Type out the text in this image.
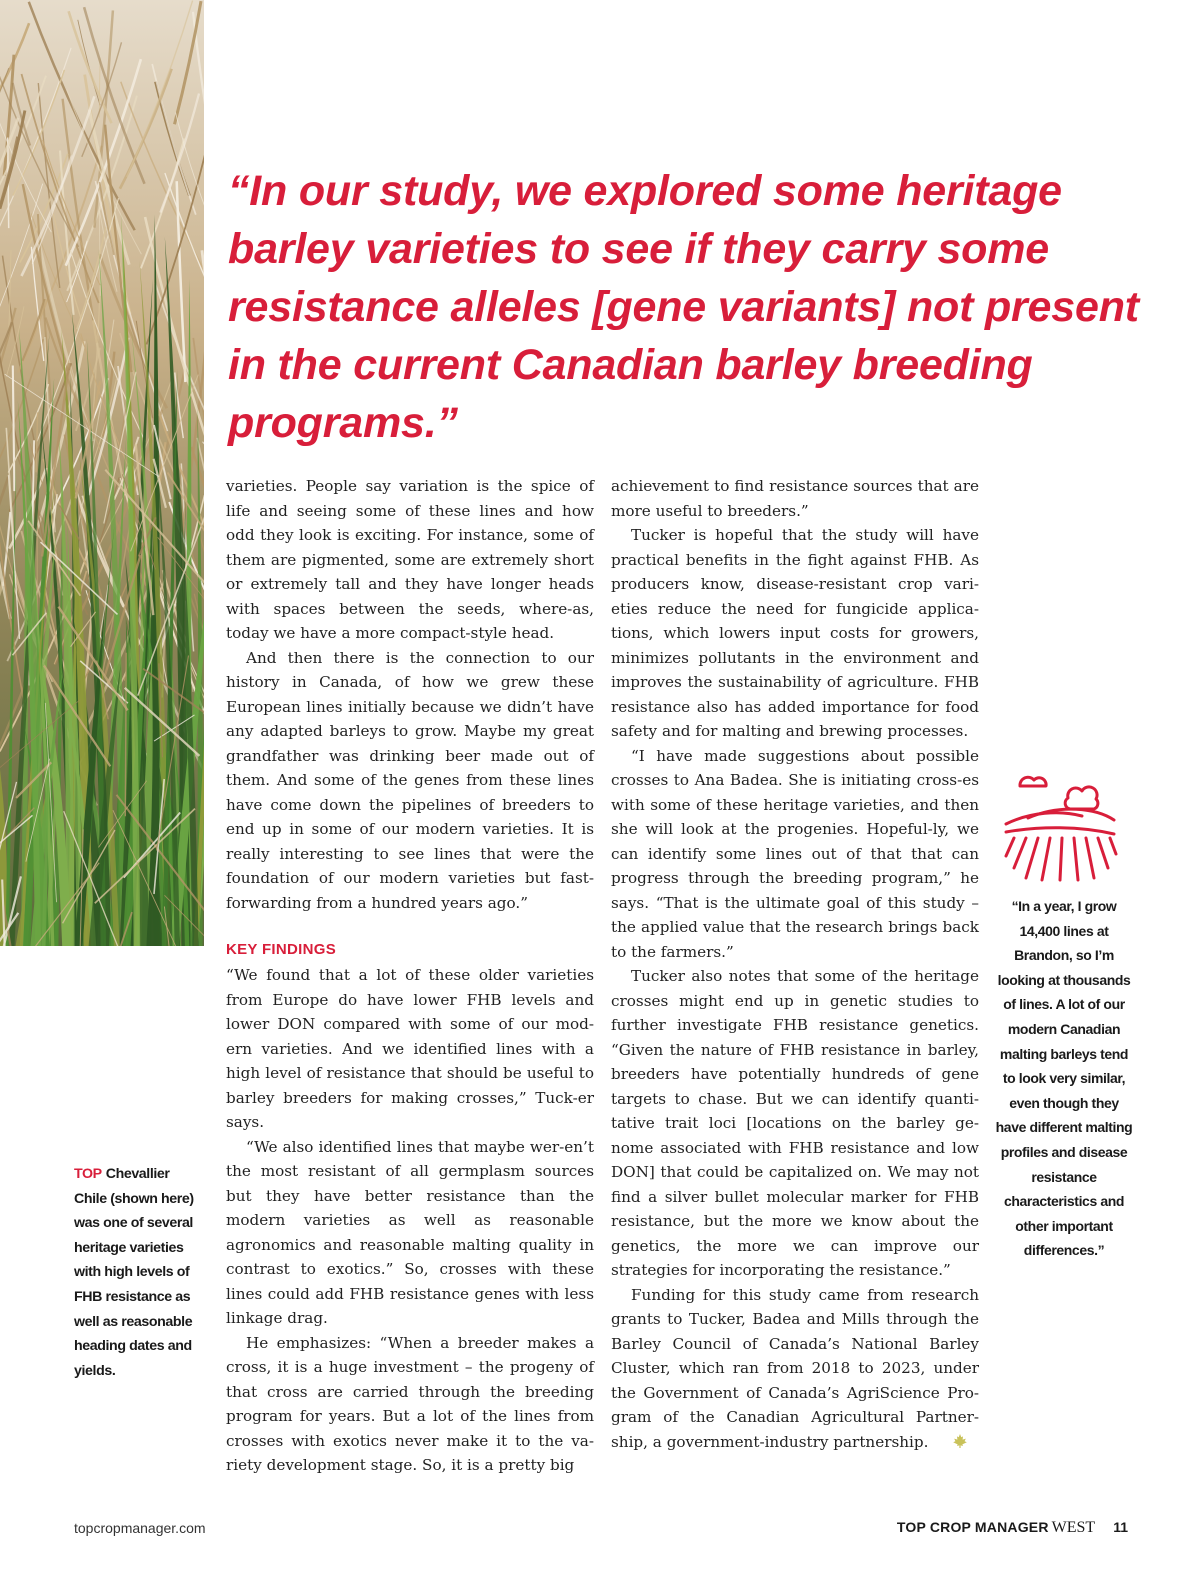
“In our study, we explored some heritage barley varieties to see if they carry some resistance alleles [gene variants] not present in the current Canadian barley breeding programs.”

varieties. People say variation is the spice of life and seeing some of these lines and how odd they look is exciting. For instance, some of them are pigmented, some are extremely short or extremely tall and they have longer heads with spaces between the seeds, where-as, today we have a more compact-style head.

And then there is the connection to our history in Canada, of how we grew these European lines initially because we didn’t have any adapted barleys to grow. Maybe my great grandfather was drinking beer made out of them. And some of the genes from these lines have come down the pipelines of breeders to end up in some of our modern varieties. It is really interesting to see lines that were the foundation of our modern varieties but fast-forwarding from a hundred years ago.”

KEY FINDINGS

“We found that a lot of these older varieties from Europe do have lower FHB levels and lower DON compared with some of our mod-ern varieties. And we identified lines with a high level of resistance that should be useful to barley breeders for making crosses,” Tuck-er says.

“We also identified lines that maybe wer-en’t the most resistant of all germplasm sources but they have better resistance than the modern varieties as well as reasonable agronomics and reasonable malting quality in contrast to exotics.” So, crosses with these lines could add FHB resistance genes with less linkage drag.

He emphasizes: “When a breeder makes a cross, it is a huge investment – the progeny of that cross are carried through the breeding program for years. But a lot of the lines from crosses with exotics never make it to the va-riety development stage. So, it is a pretty big

achievement to find resistance sources that are more useful to breeders.”

Tucker is hopeful that the study will have practical benefits in the fight against FHB. As producers know, disease-resistant crop vari-eties reduce the need for fungicide applica-tions, which lowers input costs for growers, minimizes pollutants in the environment and improves the sustainability of agriculture. FHB resistance also has added importance for food safety and for malting and brewing processes.

“I have made suggestions about possible crosses to Ana Badea. She is initiating cross-es with some of these heritage varieties, and then she will look at the progenies. Hopeful-ly, we can identify some lines out of that that can progress through the breeding program,” he says. “That is the ultimate goal of this study – the applied value that the research brings back to the farmers.”

Tucker also notes that some of the heritage crosses might end up in genetic studies to further investigate FHB resistance genetics. “Given the nature of FHB resistance in barley, breeders have potentially hundreds of gene targets to chase. But we can identify quanti-tative trait loci [locations on the barley ge-nome associated with FHB resistance and low DON] that could be capitalized on. We may not find a silver bullet molecular marker for FHB resistance, but the more we know about the genetics, the more we can improve our strategies for incorporating the resistance.”

Funding for this study came from research grants to Tucker, Badea and Mills through the Barley Council of Canada’s National Barley Cluster, which ran from 2018 to 2023, under the Government of Canada’s AgriScience Pro-gram of the Canadian Agricultural Partner-ship, a government-industry partnership.

TOP Chevallier Chile (shown here) was one of several heritage varieties with high levels of FHB resistance as well as reasonable heading dates and yields.
“In a year, I grow 14,400 lines at Brandon, so I’m looking at thousands of lines. A lot of our modern Canadian malting barleys tend to look very similar, even though they have different malting profiles and disease resistance characteristics and other important differences.”
topcropmanager.com	TOP CROP MANAGER WEST 11
